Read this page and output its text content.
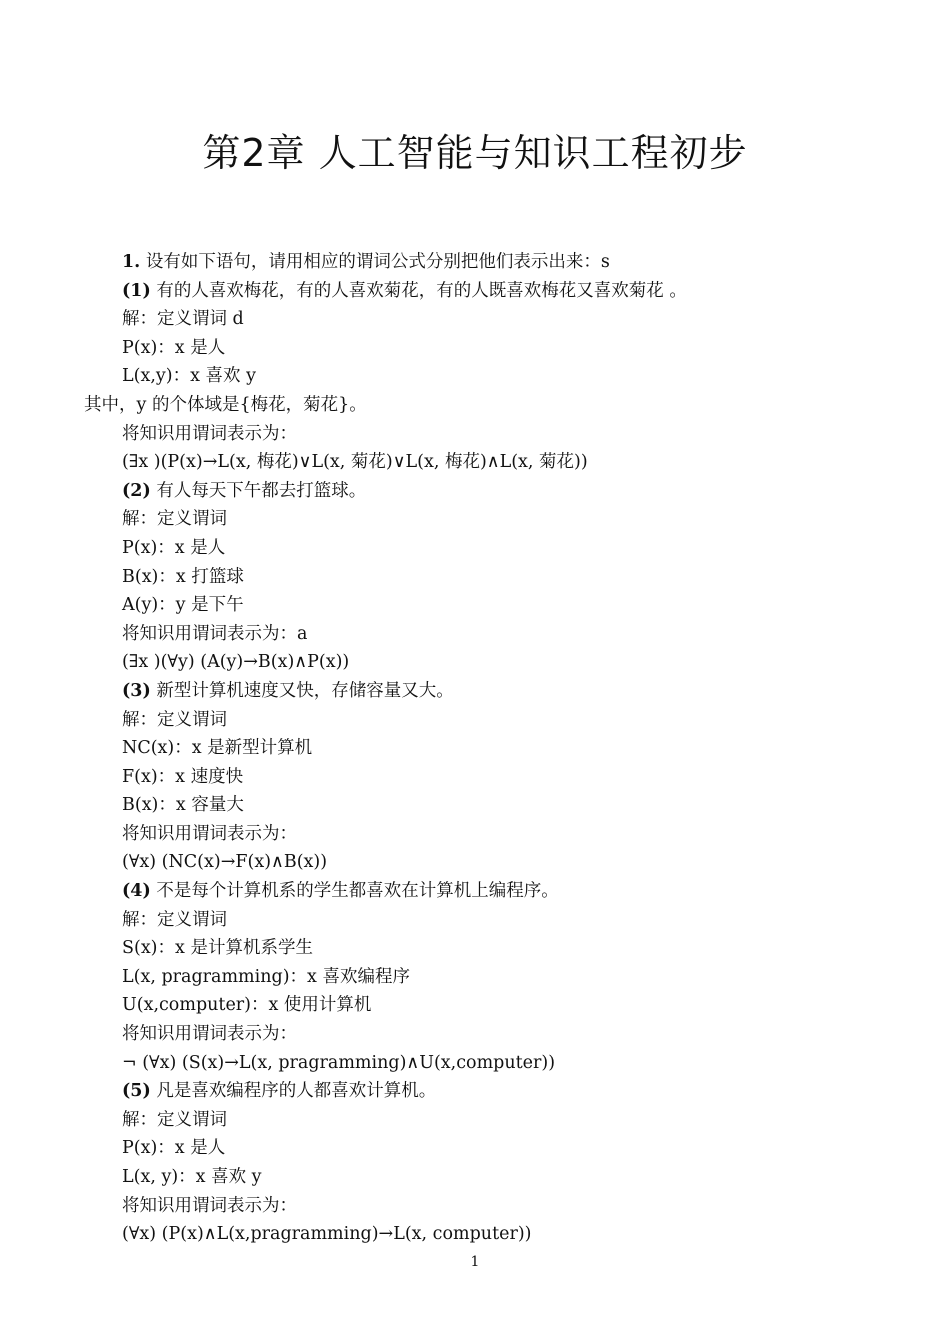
第2章 人工智能与知识工程初步
1. 设有如下语句，请用相应的谓词公式分别把他们表示出来：s
(1) 有的人喜欢梅花，有的人喜欢菊花，有的人既喜欢梅花又喜欢菊花 。
解：定义谓词 d
P(x)：x 是人
L(x,y)：x 喜欢 y
其中，y 的个体域是{梅花，菊花}。
将知识用谓词表示为：
(∃x )(P(x)→L(x, 梅花)∨L(x, 菊花)∨L(x, 梅花)∧L(x, 菊花))
(2) 有人每天下午都去打篮球。
解：定义谓词
P(x)：x 是人
B(x)：x 打篮球
A(y)：y 是下午
将知识用谓词表示为：a
(∃x )(∀y) (A(y)→B(x)∧P(x))
(3) 新型计算机速度又快，存储容量又大。
解：定义谓词
NC(x)：x 是新型计算机
F(x)：x 速度快
B(x)：x 容量大
将知识用谓词表示为：
(∀x) (NC(x)→F(x)∧B(x))
(4) 不是每个计算机系的学生都喜欢在计算机上编程序。
解：定义谓词
S(x)：x 是计算机系学生
L(x, pragramming)：x 喜欢编程序
U(x,computer)：x 使用计算机
将知识用谓词表示为：
¬ (∀x) (S(x)→L(x, pragramming)∧U(x,computer))
(5) 凡是喜欢编程序的人都喜欢计算机。
解：定义谓词
P(x)：x 是人
L(x, y)：x 喜欢 y
将知识用谓词表示为：
(∀x) (P(x)∧L(x,pragramming)→L(x, computer))
1
